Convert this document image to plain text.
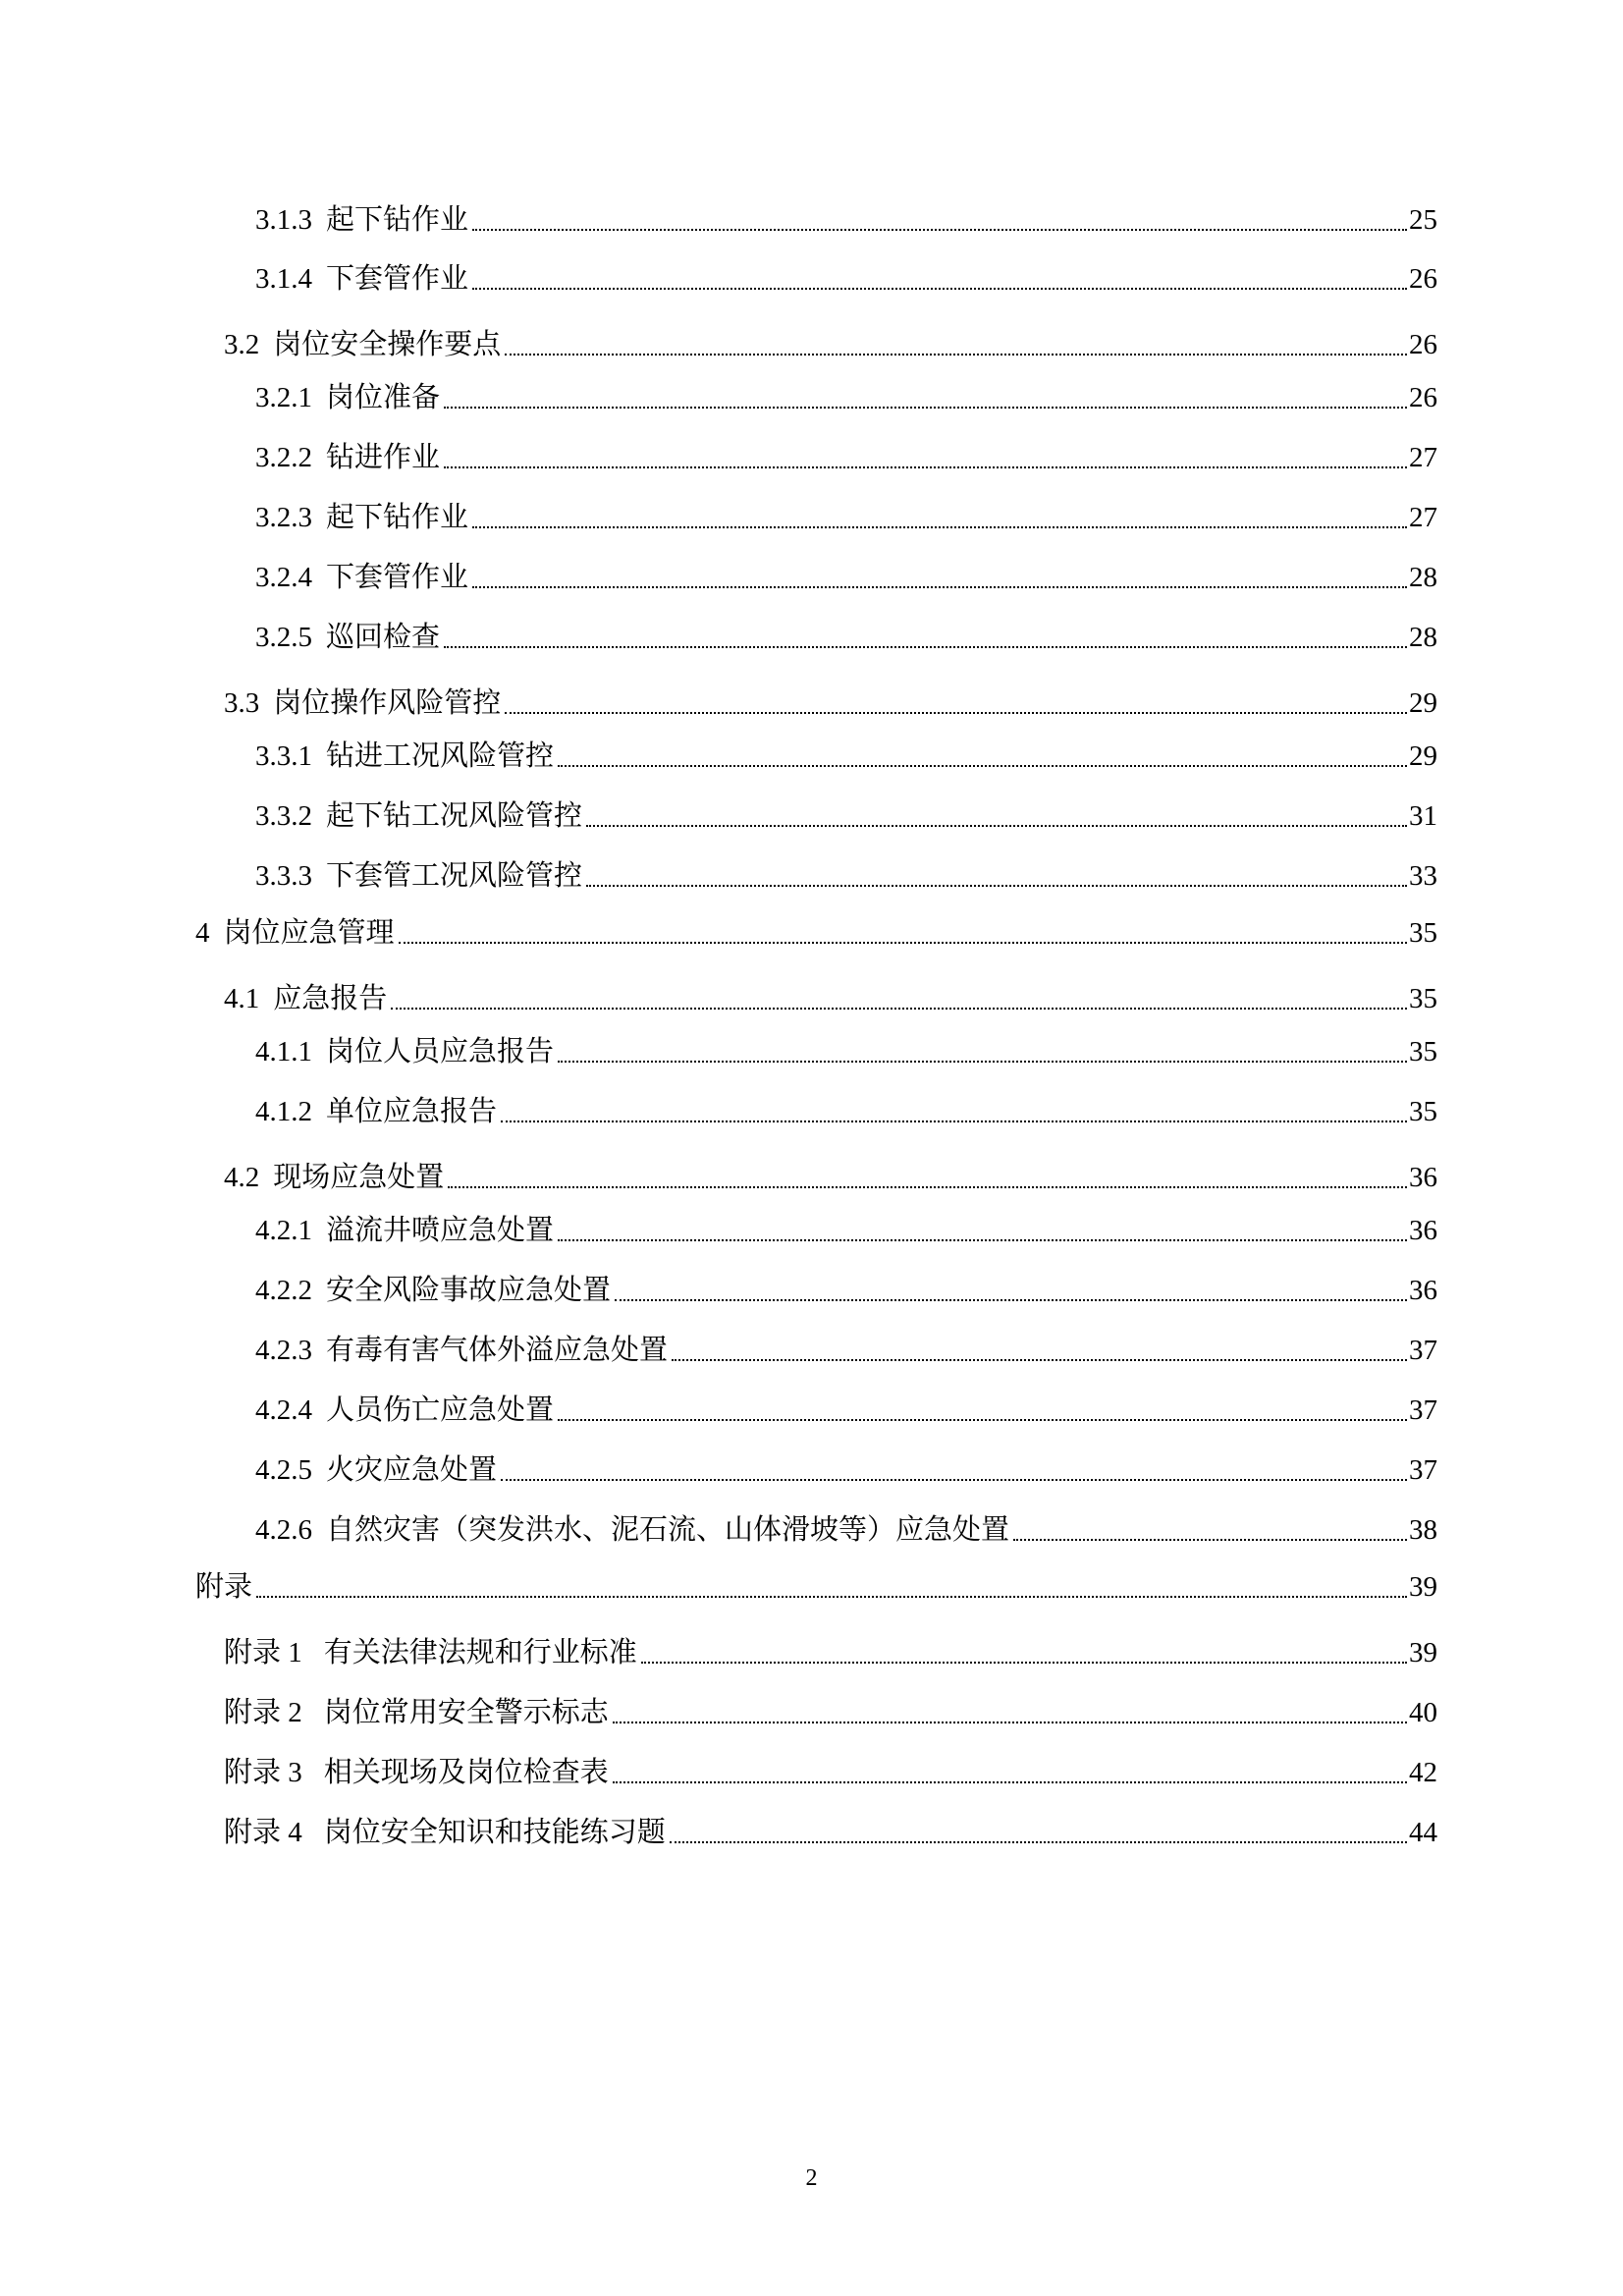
3.1.3 起下钻作业	25
3.1.4 下套管作业	26
3.2 岗位安全操作要点	26
3.2.1 岗位准备	26
3.2.2 钻进作业	27
3.2.3 起下钻作业	27
3.2.4 下套管作业	28
3.2.5 巡回检查	28
3.3 岗位操作风险管控	29
3.3.1 钻进工况风险管控	29
3.3.2 起下钻工况风险管控	31
3.3.3 下套管工况风险管控	33
4 岗位应急管理	35
4.1 应急报告	35
4.1.1 岗位人员应急报告	35
4.1.2 单位应急报告	35
4.2 现场应急处置	36
4.2.1 溢流井喷应急处置	36
4.2.2 安全风险事故应急处置	36
4.2.3 有毒有害气体外溢应急处置	37
4.2.4 人员伤亡应急处置	37
4.2.5 火灾应急处置	37
4.2.6 自然灾害（突发洪水、泥石流、山体滑坡等）应急处置	38
附录	39
附录 1 有关法律法规和行业标准	39
附录 2 岗位常用安全警示标志	40
附录 3 相关现场及岗位检查表	42
附录 4 岗位安全知识和技能练习题	44
2
